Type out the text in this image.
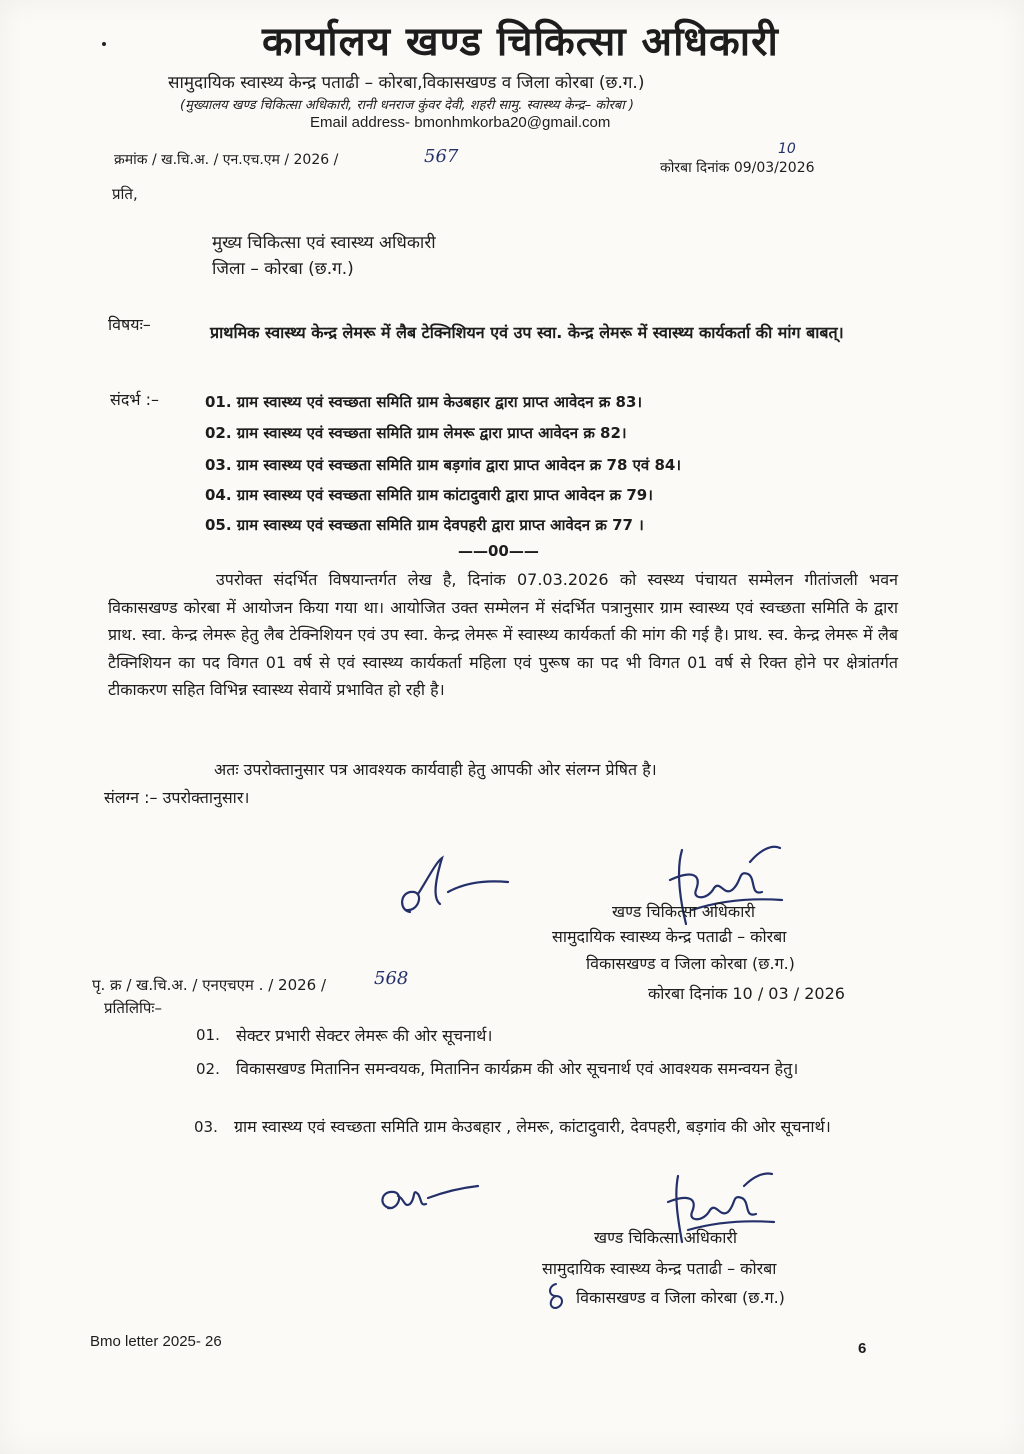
कार्यालय खण्ड चिकित्सा अधिकारी
सामुदायिक स्वास्थ्य केन्द्र पताढी – कोरबा,विकासखण्ड व जिला कोरबा (छ.ग.)
(मुख्यालय खण्ड चिकित्सा अधिकारी, रानी धनराज कुंवर देवी, शहरी सामु. स्वास्थ्य केन्द्र– कोरबा )
Email address- bmonhmkorba20@gmail.com
क्रमांक / ख.चि.अ. / एन.एच.एम / 2026 /	567
कोरबा दिनांक 09/03/2026
10
प्रति,
मुख्य चिकित्सा एवं स्वास्थ्य अधिकारी
जिला – कोरबा (छ.ग.)
विषयः–	प्राथमिक स्वास्थ्य केन्द्र लेमरू में लैब टेक्निशियन एवं उप स्वा. केन्द्र लेमरू में स्वास्थ्य कार्यकर्ता की मांग बाबत्।
संदर्भ :–	01. ग्राम स्वास्थ्य एवं स्वच्छता समिति ग्राम केउबहार द्वारा प्राप्त आवेदन क्र 83।
02. ग्राम स्वास्थ्य एवं स्वच्छता समिति ग्राम लेमरू द्वारा प्राप्त आवेदन क्र 82।
03. ग्राम स्वास्थ्य एवं स्वच्छता समिति ग्राम बड़गांव द्वारा प्राप्त आवेदन क्र 78 एवं 84।
04. ग्राम स्वास्थ्य एवं स्वच्छता समिति ग्राम कांटादुवारी द्वारा प्राप्त आवेदन क्र 79।
05. ग्राम स्वास्थ्य एवं स्वच्छता समिति ग्राम देवपहरी द्वारा प्राप्त आवेदन क्र 77 ।
——00——
उपरोक्त संदर्भित विषयान्तर्गत लेख है, दिनांक 07.03.2026 को स्वस्थ्य पंचायत सम्मेलन गीतांजली भवन विकासखण्ड कोरबा में आयोजन किया गया था। आयोजित उक्त सम्मेलन में संदर्भित पत्रानुसार ग्राम स्वास्थ्य एवं स्वच्छता समिति के द्वारा प्राथ. स्वा. केन्द्र लेमरू हेतु लैब टेक्निशियन एवं उप स्वा. केन्द्र लेमरू में स्वास्थ्य कार्यकर्ता की मांग की गई है। प्राथ. स्व. केन्द्र लेमरू में लैब टैक्निशियन का पद विगत 01 वर्ष से एवं स्वास्थ्य कार्यकर्ता महिला एवं पुरूष का पद भी विगत 01 वर्ष से रिक्त होने पर क्षेत्रांतर्गत टीकाकरण सहित विभिन्न स्वास्थ्य सेवायें प्रभावित हो रही है।
अतः उपरोक्तानुसार पत्र आवश्यक कार्यवाही हेतु आपकी ओर संलग्न प्रेषित है।
संलग्न :– उपरोक्तानुसार।
खण्ड चिकित्सा अधिकारी
सामुदायिक स्वास्थ्य केन्द्र पताढी – कोरबा
विकासखण्ड व जिला कोरबा (छ.ग.)
पृ. क्र / ख.चि.अ. / एनएचएम . / 2026 /	568
कोरबा दिनांक 10 / 03 / 2026
प्रतिलिपिः–
01. सेक्टर प्रभारी सेक्टर लेमरू की ओर सूचनार्थ।
02. विकासखण्ड मितानिन समन्वयक, मितानिन कार्यक्रम की ओर सूचनार्थ एवं आवश्यक समन्वयन हेतु।
03. ग्राम स्वास्थ्य एवं स्वच्छता समिति ग्राम केउबहार , लेमरू, कांटादुवारी, देवपहरी, बड़गांव की ओर सूचनार्थ।
खण्ड चिकित्सा अधिकारी
सामुदायिक स्वास्थ्य केन्द्र पताढी – कोरबा
विकासखण्ड व जिला कोरबा (छ.ग.)
Bmo letter 2025- 26	6
